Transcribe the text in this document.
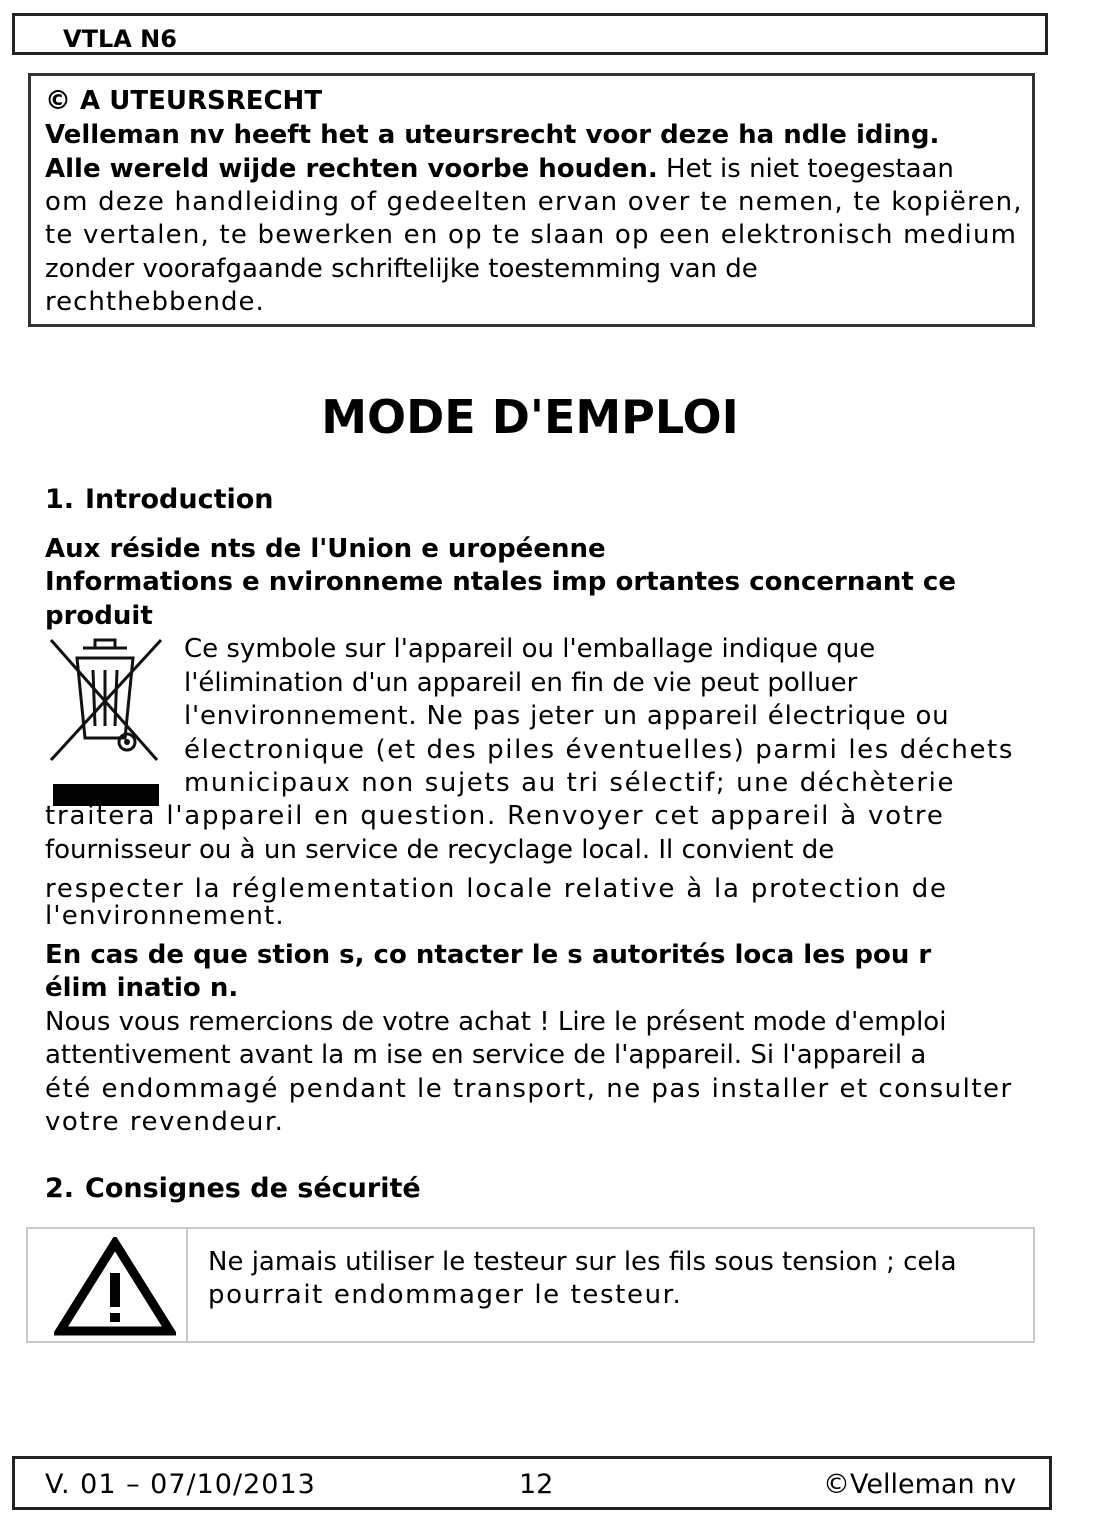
VTLA N6
© A UTEURSRECHT
Velleman nv heeft het a uteursrecht voor deze ha ndle iding.
Alle wereld wijde rechten voorbe houden. Het is niet toegestaan
om deze handleiding of gedeelten ervan over te nemen, te kopiëren,
te vertalen, te bewerken en op te slaan op een elektronisch medium
zonder voorafgaande schriftelijke toestemming van de
rechthebbende.
MODE D'EMPLOI
1. Introduction
Aux réside nts de l'Union e uropéenne
Informations e nvironneme ntales imp ortantes concernant ce
produit
Ce symbole sur l'appareil ou l'emballage indique que
l'élimination d'un appareil en fin de vie peut polluer
l'environnement. Ne pas jeter un appareil électrique ou
électronique (et des piles éventuelles) parmi les déchets
municipaux non sujets au tri sélectif; une déchèterie
traitera l'appareil en question. Renvoyer cet appareil à votre
fournisseur ou à un service de recyclage local. Il convient de
respecter la réglementation locale relative à la protection de
l'environnement.
En cas de que stion s, co ntacter le s autorités loca les pou r
élim inatio n.
Nous vous remercions de votre achat ! Lire le présent mode d'emploi
attentivement avant la m ise en service de l'appareil. Si l'appareil a
été endommagé pendant le transport, ne pas installer et consulter
votre revendeur.
2. Consignes de sécurité
Ne jamais utiliser le testeur sur les fils sous tension ; cela
pourrait endommager le testeur.
V. 01 – 07/10/2013	12	©Velleman nv
